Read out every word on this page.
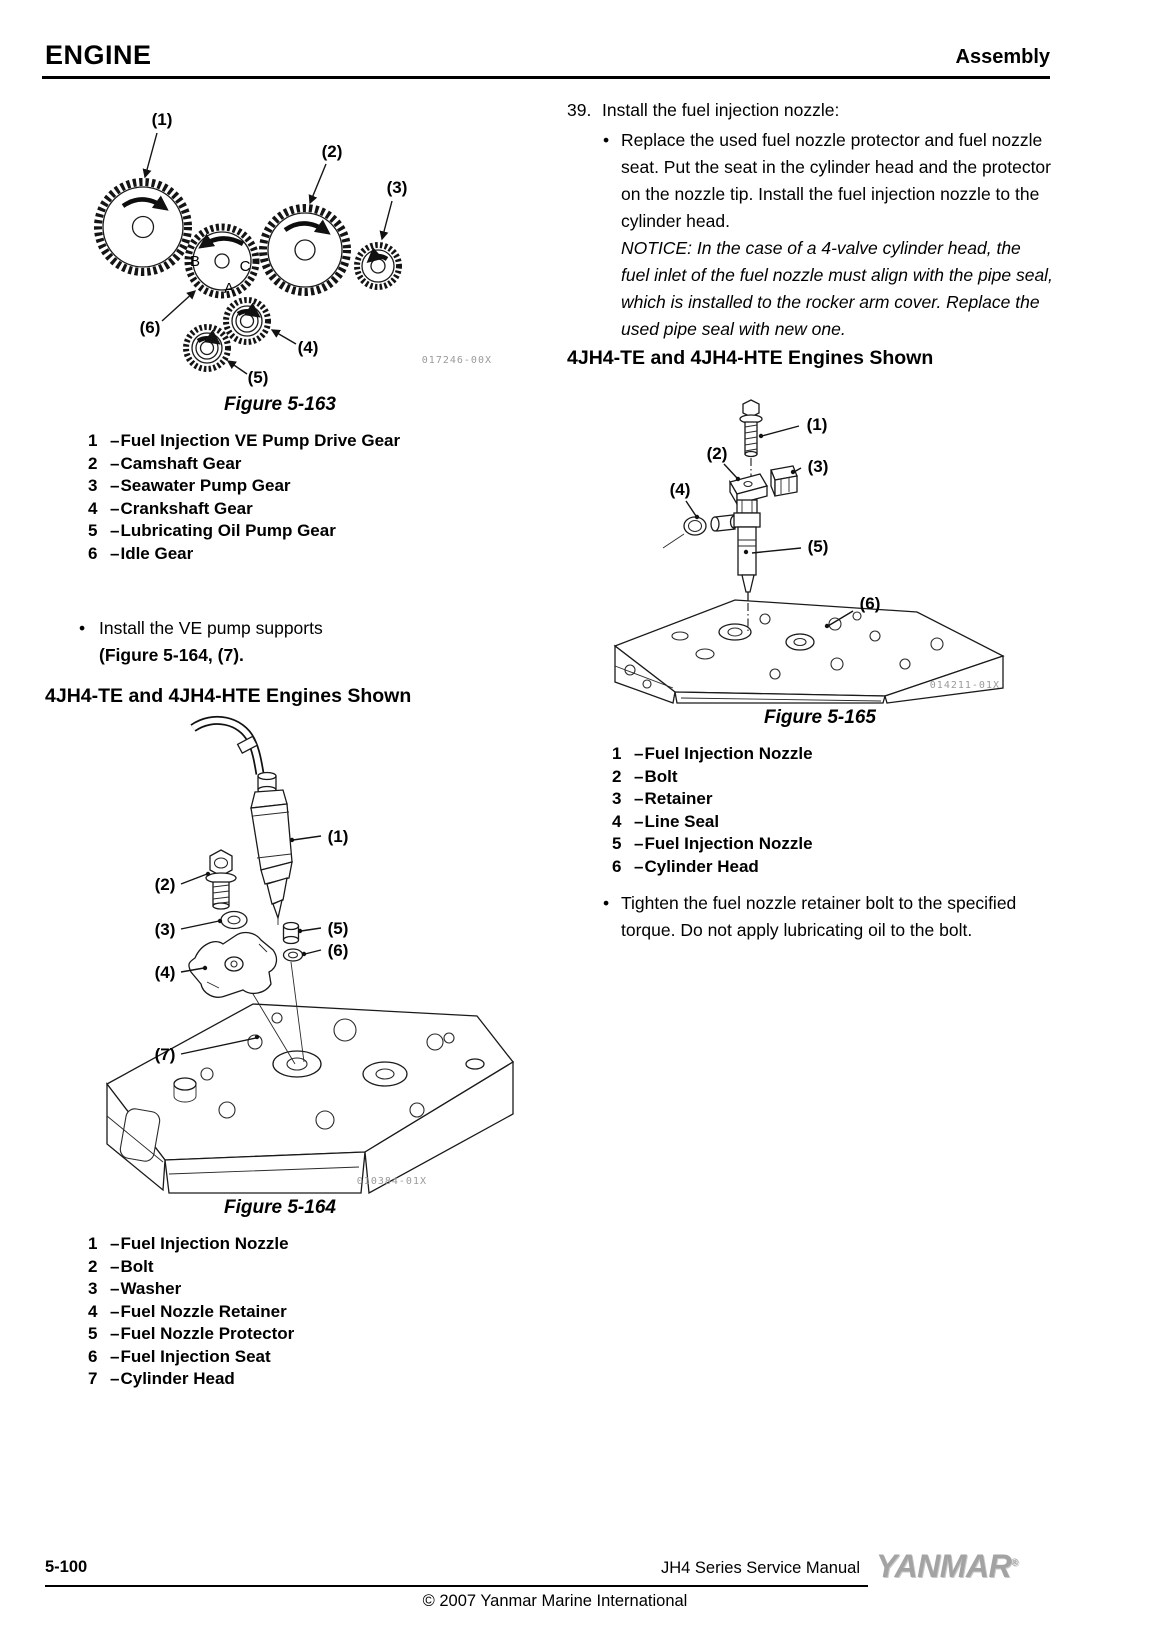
ENGINE	Assembly
B	C
A
(1)
(2)
(3)
(6)
(4)
(5)
017246-00X
Figure 5-163
1 – Fuel Injection VE Pump Drive Gear
2 – Camshaft Gear
3 – Seawater Pump Gear
4 – Crankshaft Gear
5 – Lubricating Oil Pump Gear
6 – Idle Gear
• Install the VE pump supports
(Figure 5-164, (7).
4JH4-TE and 4JH4-HTE Engines Shown
(1)
(2)
(3)	(5)
(6)
(4)
(7)
010384-01X
Figure 5-164
1 – Fuel Injection Nozzle
2 – Bolt
3 – Washer
4 – Fuel Nozzle Retainer
5 – Fuel Nozzle Protector
6 – Fuel Injection Seat
7 – Cylinder Head
39. Install the fuel injection nozzle:
• Replace the used fuel nozzle protector and fuel nozzle seat. Put the seat in the cylinder head and the protector on the nozzle tip. Install the fuel injection nozzle to the cylinder head.
NOTICE: In the case of a 4-valve cylinder head, the fuel inlet of the fuel nozzle must align with the pipe seal, which is installed to the rocker arm cover. Replace the used pipe seal with new one.
4JH4-TE and 4JH4-HTE Engines Shown
(1)
(2)
(3)
(4)
(5)
(6)
014211-01X
Figure 5-165
1 – Fuel Injection Nozzle
2 – Bolt
3 – Retainer
4 – Line Seal
5 – Fuel Injection Nozzle
6 – Cylinder Head
• Tighten the fuel nozzle retainer bolt to the specified torque. Do not apply lubricating oil to the bolt.
5-100	JH4 Series Service Manual YANMAR®
© 2007 Yanmar Marine International
